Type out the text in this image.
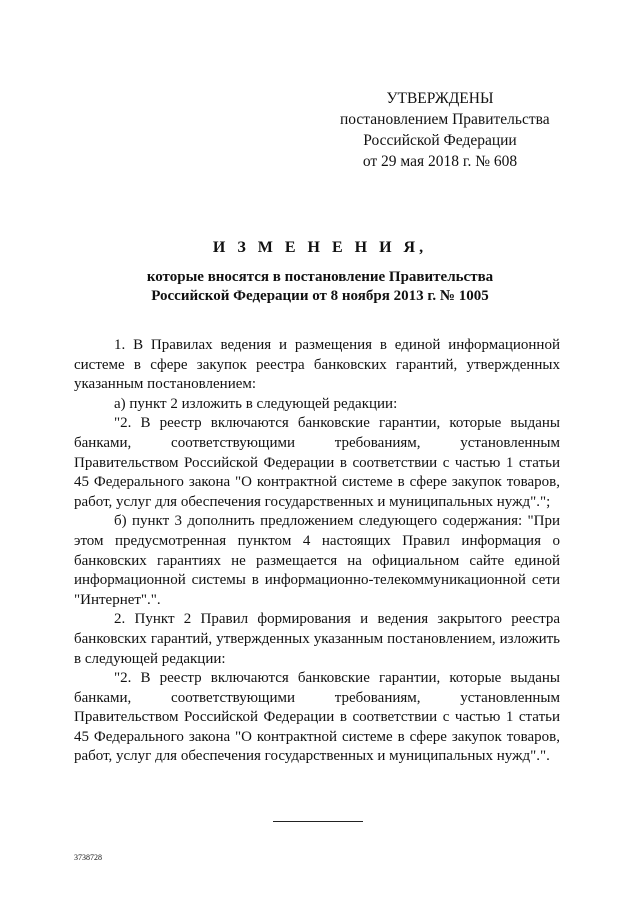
УТВЕРЖДЕНЫ
постановлением Правительства
Российской Федерации
от 29 мая 2018 г. № 608
И З М Е Н Е Н И Я,
которые вносятся в постановление Правительства
Российской Федерации от 8 ноября 2013 г. № 1005

1. В Правилах ведения и размещения в единой информационной системе в сфере закупок реестра банковских гарантий, утвержденных указанным постановлением:

а) пункт 2 изложить в следующей редакции:

"2. В реестр включаются банковские гарантии, которые выданы банками, соответствующими требованиям, установленным Правительством Российской Федерации в соответствии с частью 1 статьи 45 Федерального закона "О контрактной системе в сфере закупок товаров, работ, услуг для обеспечения государственных и муниципальных нужд".";

б) пункт 3 дополнить предложением следующего содержания: "При этом предусмотренная пунктом 4 настоящих Правил информация о банковских гарантиях не размещается на официальном сайте единой информационной системы в информационно-телекоммуникационной сети "Интернет".".

2. Пункт 2 Правил формирования и ведения закрытого реестра банковских гарантий, утвержденных указанным постановлением, изложить в следующей редакции:

"2. В реестр включаются банковские гарантии, которые выданы банками, соответствующими требованиям, установленным Правительством Российской Федерации в соответствии с частью 1 статьи 45 Федерального закона "О контрактной системе в сфере закупок товаров, работ, услуг для обеспечения государственных и муниципальных нужд".".

3738728
